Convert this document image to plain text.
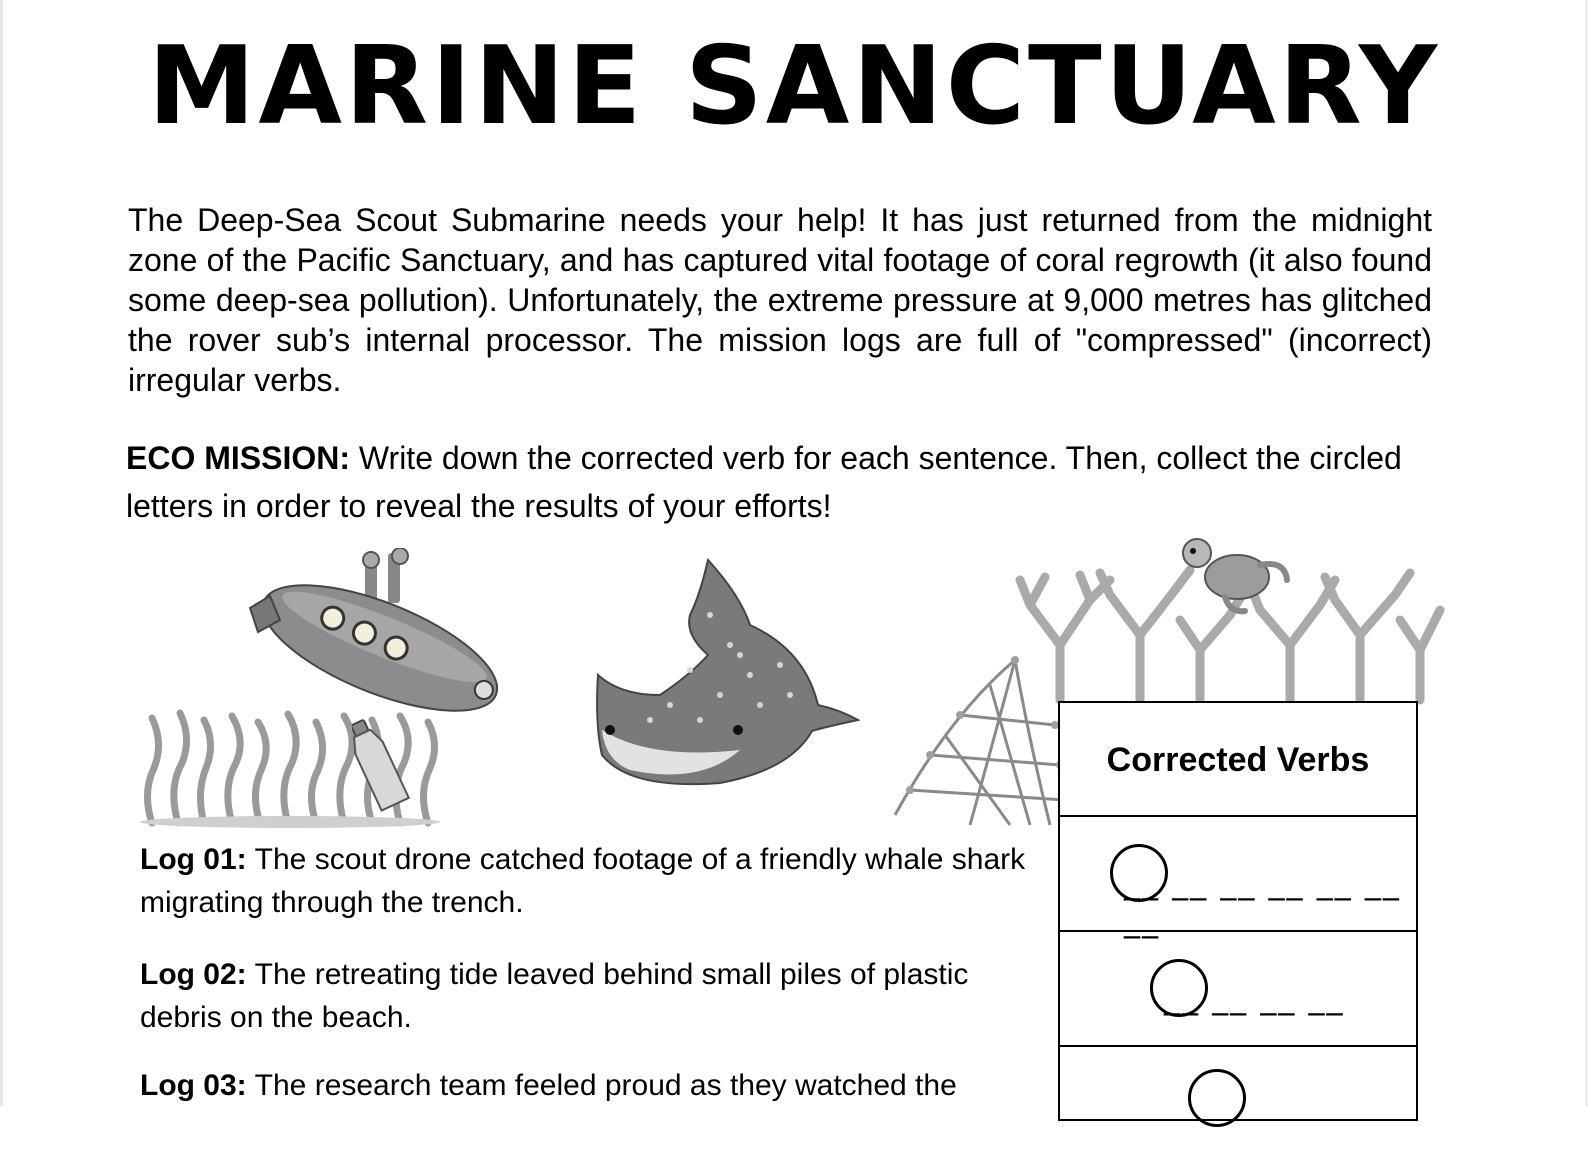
MARINE SANCTUARY

The Deep-Sea Scout Submarine needs your help! It has just returned from the midnight zone of the Pacific Sanctuary, and has captured vital footage of coral regrowth (it also found some deep-sea pollution). Unfortunately, the extreme pressure at 9,000 metres has glitched the rover sub’s internal processor. The mission logs are full of "compressed" (incorrect) irregular verbs.

ECO MISSION: Write down the corrected verb for each sentence. Then, collect the circled letters in order to reveal the results of your efforts!

Log 01: The scout drone catched footage of a friendly whale shark migrating through the trench.

Log 02: The retreating tide leaved behind small piles of plastic debris on the beach.

Log 03: The research team feeled proud as they watched the

Corrected Verbs
__ __ __ __ __ __ __
__ __ __ __
